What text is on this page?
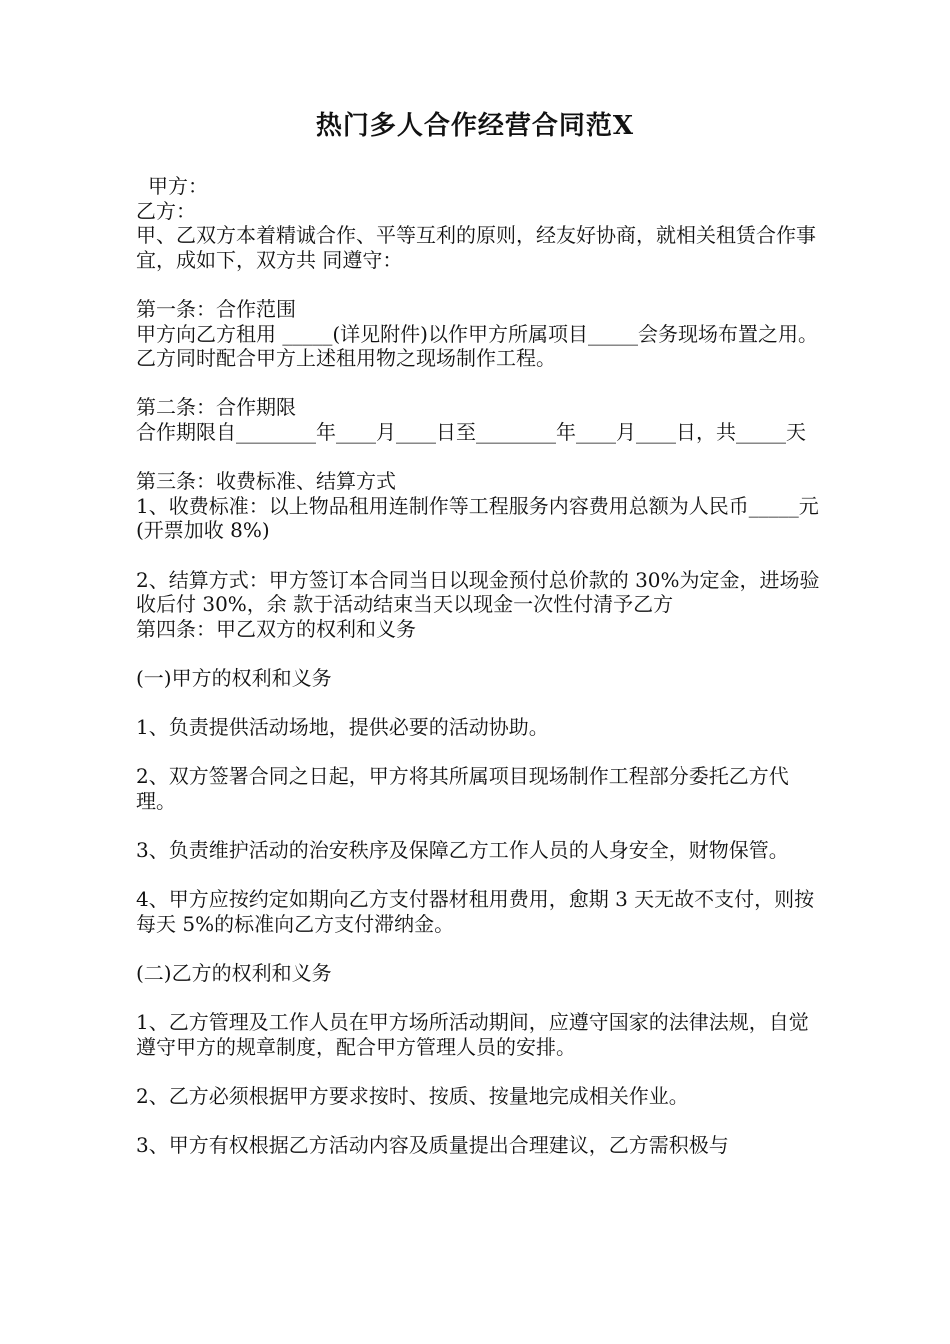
热门多人合作经营合同范X

甲方：

乙方：

甲、乙双方本着精诚合作、平等互利的原则，经友好协商，就相关租赁合作事宜，成如下，双方共 同遵守：

第一条：合作范围

甲方向乙方租用 _____(详见附件)以作甲方所属项目_____会务现场布置之用。

乙方同时配合甲方上述租用物之现场制作工程。

第二条：合作期限

合作期限自________年____月____日至________年____月____日，共_____天

第三条：收费标准、结算方式

1、收费标准：以上物品租用连制作等工程服务内容费用总额为人民币_____元(开票加收 8%)

2、结算方式：甲方签订本合同当日以现金预付总价款的 30%为定金，进场验收后付 30%，余 款于活动结束当天以现金一次性付清予乙方

第四条：甲乙双方的权利和义务

(一)甲方的权利和义务

1、负责提供活动场地，提供必要的活动协助。

2、双方签署合同之日起，甲方将其所属项目现场制作工程部分委托乙方代理。

3、负责维护活动的治安秩序及保障乙方工作人员的人身安全，财物保管。

4、甲方应按约定如期向乙方支付器材租用费用，愈期 3 天无故不支付，则按每天 5%的标准向乙方支付滞纳金。

(二)乙方的权利和义务

1、乙方管理及工作人员在甲方场所活动期间，应遵守国家的法律法规，自觉遵守甲方的规章制度，配合甲方管理人员的安排。

2、乙方必须根据甲方要求按时、按质、按量地完成相关作业。

3、甲方有权根据乙方活动内容及质量提出合理建议，乙方需积极与
